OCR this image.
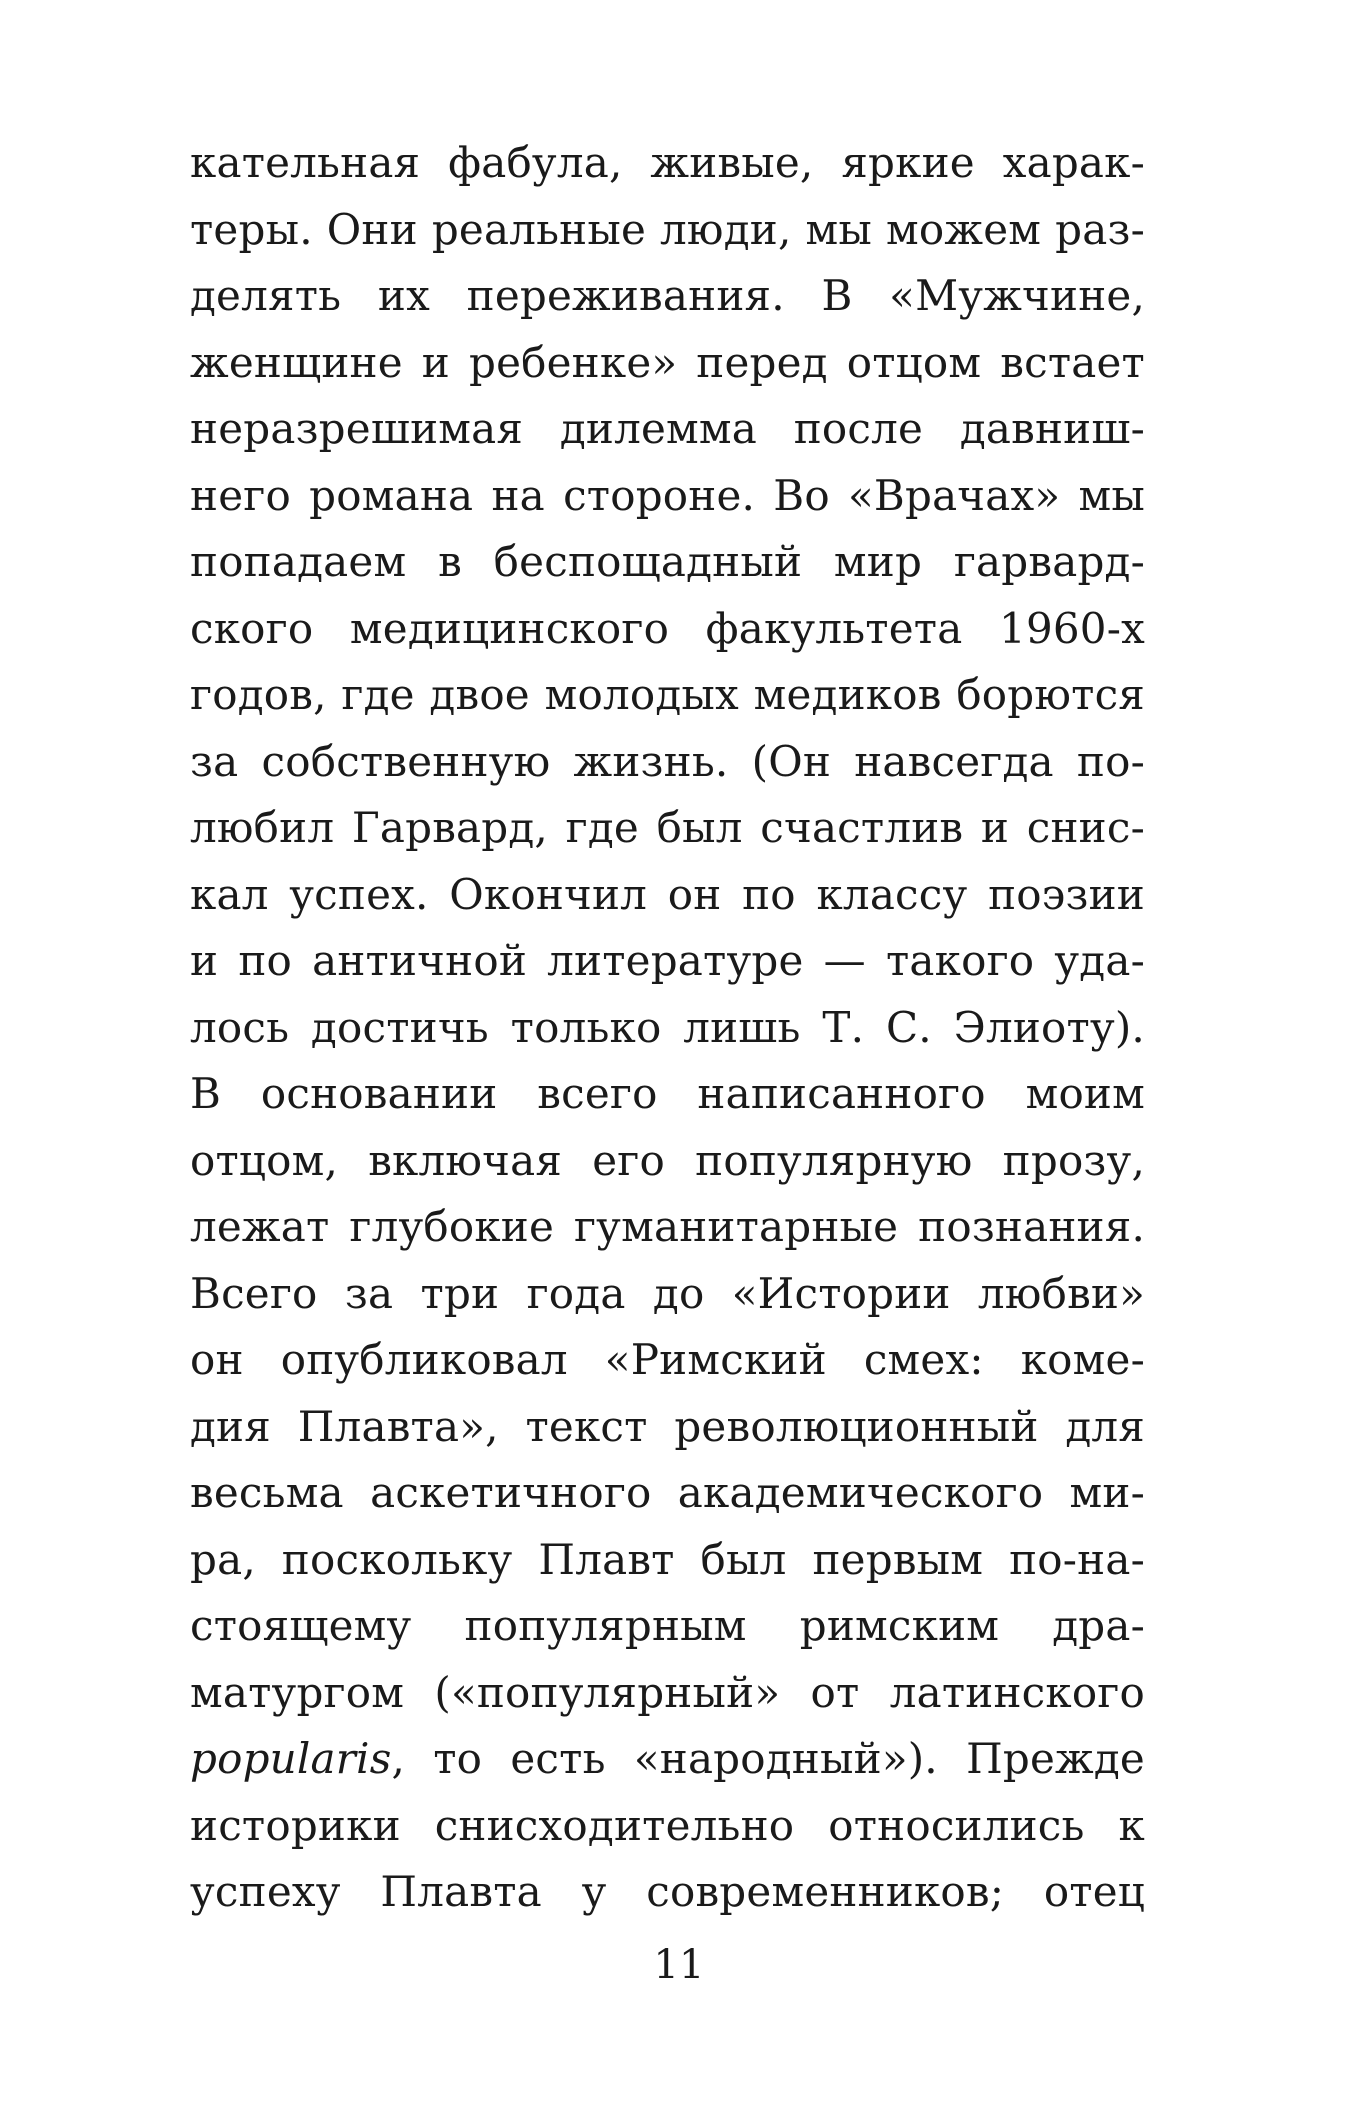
кательная фабула, живые, яркие харак-
теры. Они реальные люди, мы можем раз-
делять их переживания. В «Мужчине,
женщине и ребенке» перед отцом встает
неразрешимая дилемма после давниш-
него романа на стороне. Во «Врачах» мы
попадаем в беспощадный мир гарвард-
ского медицинского факультета 1960-х
годов, где двое молодых медиков борются
за собственную жизнь. (Он навсегда по-
любил Гарвард, где был счастлив и снис-
кал успех. Окончил он по классу поэзии
и по античной литературе — такого уда-
лось достичь только лишь Т. С. Элиоту).
В основании всего написанного моим
отцом, включая его популярную прозу,
лежат глубокие гуманитарные познания.
Всего за три года до «Истории любви»
он опубликовал «Римский смех: коме-
дия Плавта», текст революционный для
весьма аскетичного академического ми-
ра, поскольку Плавт был первым по-на-
стоящему популярным римским дра-
матургом («популярный» от латинского
popularis, то есть «народный»). Прежде
историки снисходительно относились к
успеху Плавта у современников; отец
11
